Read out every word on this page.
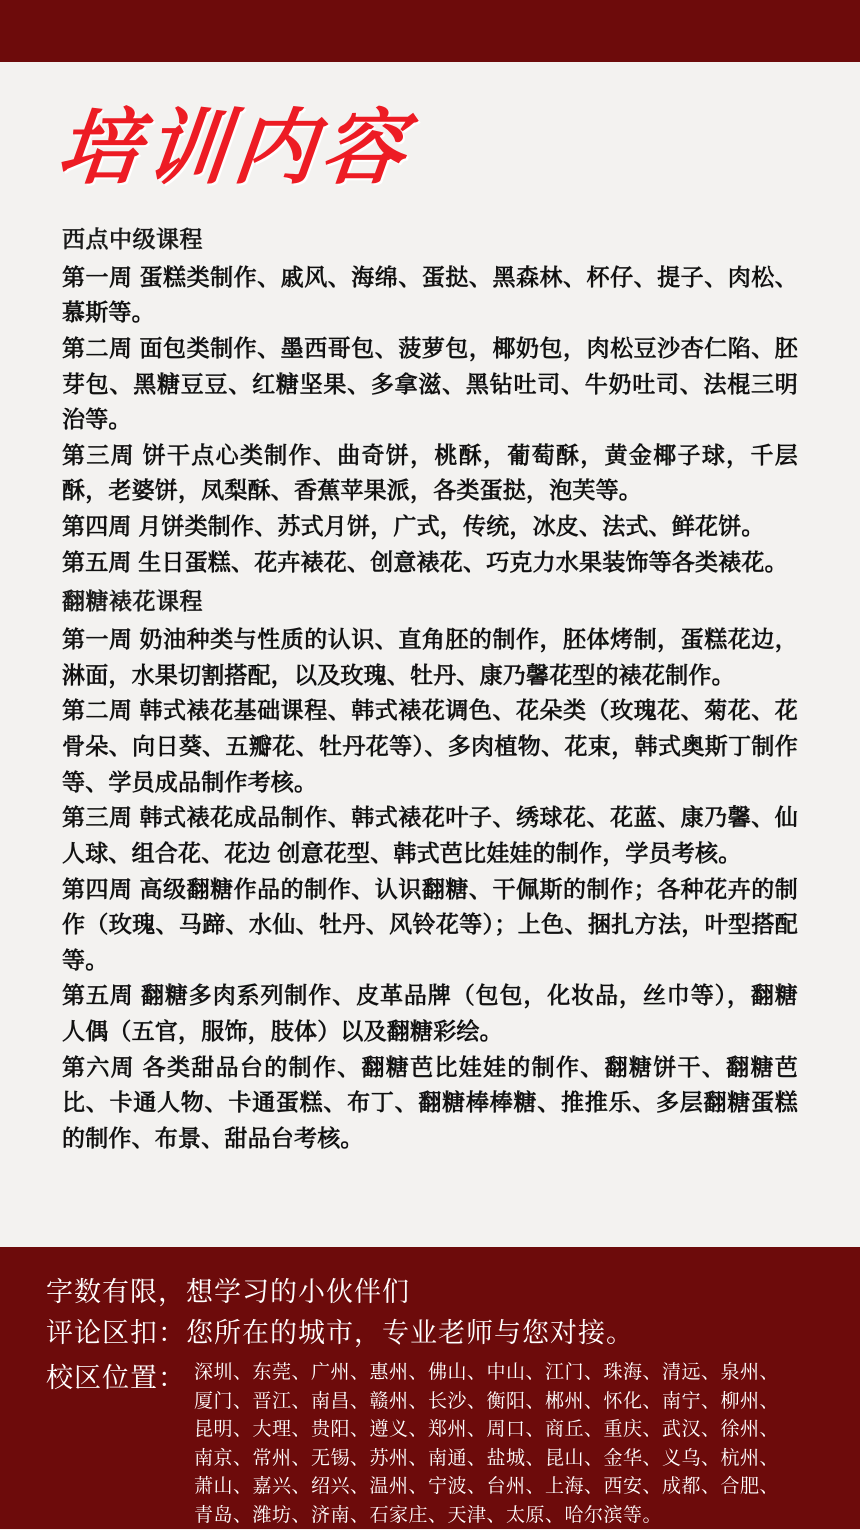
培训内容
西点中级课程

第一周 蛋糕类制作、戚风、海绵、蛋挞、黑森林、杯仔、提子、肉松、慕斯等。

第二周 面包类制作、墨西哥包、菠萝包，椰奶包，肉松豆沙杏仁陷、胚芽包、黑糖豆豆、红糖坚果、多拿滋、黑钻吐司、牛奶吐司、法棍三明治等。

第三周 饼干点心类制作、曲奇饼，桃酥，葡萄酥，黄金椰子球，千层酥，老婆饼，凤梨酥、香蕉苹果派，各类蛋挞，泡芙等。

第四周 月饼类制作、苏式月饼，广式，传统，冰皮、法式、鲜花饼。

第五周 生日蛋糕、花卉裱花、创意裱花、巧克力水果装饰等各类裱花。

翻糖裱花课程

第一周 奶油种类与性质的认识、直角胚的制作，胚体烤制，蛋糕花边，淋面，水果切割搭配，以及玫瑰、牡丹、康乃馨花型的裱花制作。

第二周 韩式裱花基础课程、韩式裱花调色、花朵类（玫瑰花、菊花、花骨朵、向日葵、五瓣花、牡丹花等）、多肉植物、花束，韩式奥斯丁制作等、学员成品制作考核。

第三周 韩式裱花成品制作、韩式裱花叶子、绣球花、花蓝、康乃馨、仙人球、组合花、花边 创意花型、韩式芭比娃娃的制作，学员考核。

第四周 高级翻糖作品的制作、认识翻糖、干佩斯的制作；各种花卉的制作（玫瑰、马蹄、水仙、牡丹、风铃花等）；上色、捆扎方法，叶型搭配等。

第五周 翻糖多肉系列制作、皮革品牌（包包，化妆品，丝巾等），翻糖人偶（五官，服饰，肢体）以及翻糖彩绘。

第六周 各类甜品台的制作、翻糖芭比娃娃的制作、翻糖饼干、翻糖芭比、卡通人物、卡通蛋糕、布丁、翻糖棒棒糖、推推乐、多层翻糖蛋糕的制作、布景、甜品台考核。

字数有限，想学习的小伙伴们
评论区扣：您所在的城市，专业老师与您对接。
校区位置： 深圳、东莞、广州、惠州、佛山、中山、江门、珠海、清远、泉州、
厦门、晋江、南昌、赣州、长沙、衡阳、郴州、怀化、南宁、柳州、
昆明、大理、贵阳、遵义、郑州、周口、商丘、重庆、武汉、徐州、
南京、常州、无锡、苏州、南通、盐城、昆山、金华、义乌、杭州、
萧山、嘉兴、绍兴、温州、宁波、台州、上海、西安、成都、合肥、
青岛、潍坊、济南、石家庄、天津、太原、哈尔滨等。
